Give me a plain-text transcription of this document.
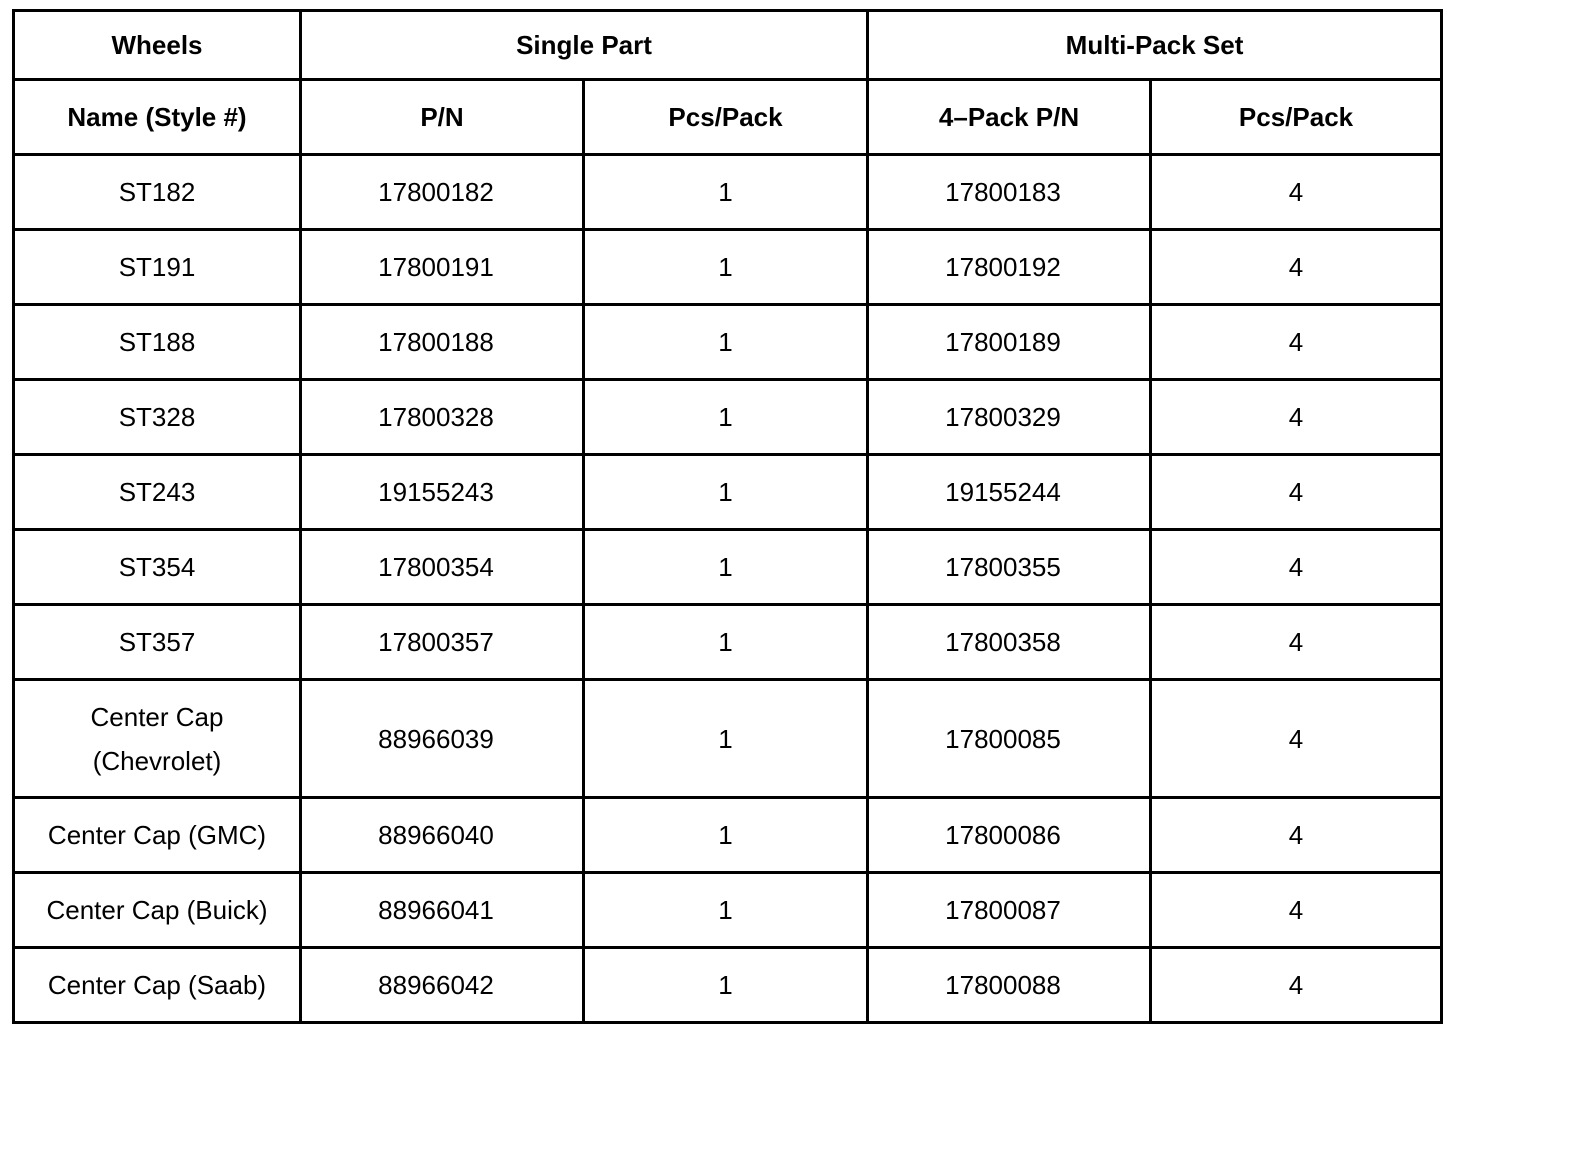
Wheels	Single Part		Multi-Pack Set	
Name (Style #)	P/N	Pcs/Pack	4–Pack P/N	Pcs/Pack
ST182	17800182	1	17800183	4
ST191	17800191	1	17800192	4
ST188	17800188	1	17800189	4
ST328	17800328	1	17800329	4
ST243	19155243	1	19155244	4
ST354	17800354	1	17800355	4
ST357	17800357	1	17800358	4
Center Cap
(Chevrolet)	88966039	1	17800085	4
Center Cap (GMC)	88966040	1	17800086	4
Center Cap (Buick)	88966041	1	17800087	4
Center Cap (Saab)	88966042	1	17800088	4
